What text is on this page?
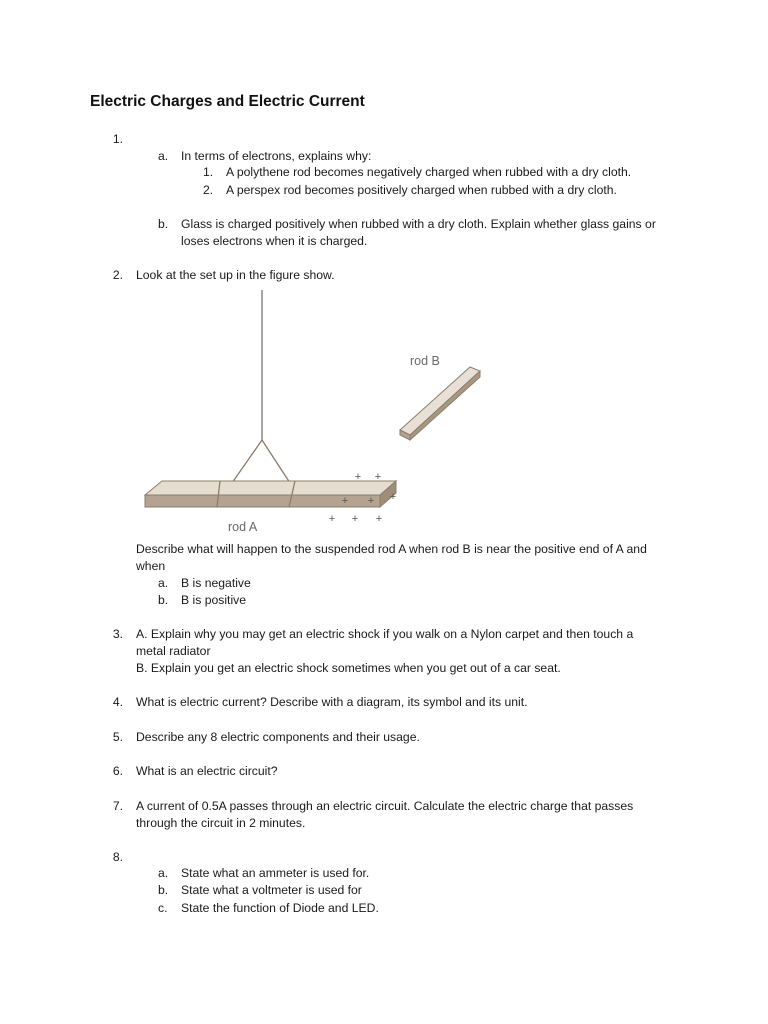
Electric Charges and Electric Current
1.
a. In terms of electrons, explains why:
1. A polythene rod becomes negatively charged when rubbed with a dry cloth.
2. A perspex rod becomes positively charged when rubbed with a dry cloth.
b. Glass is charged positively when rubbed with a dry cloth. Explain whether glass gains or
loses electrons when it is charged.
2. Look at the set up in the figure show.
rod B
rod A
+ +
+ + +
+ + +
Describe what will happen to the suspended rod A when rod B is near the positive end of A and
when
a. B is negative
b. B is positive
3. A. Explain why you may get an electric shock if you walk on a Nylon carpet and then touch a
metal radiator
B. Explain you get an electric shock sometimes when you get out of a car seat.
4. What is electric current? Describe with a diagram, its symbol and its unit.
5. Describe any 8 electric components and their usage.
6. What is an electric circuit?
7. A current of 0.5A passes through an electric circuit. Calculate the electric charge that passes
through the circuit in 2 minutes.
8.
a. State what an ammeter is used for.
b. State what a voltmeter is used for
c. State the function of Diode and LED.
